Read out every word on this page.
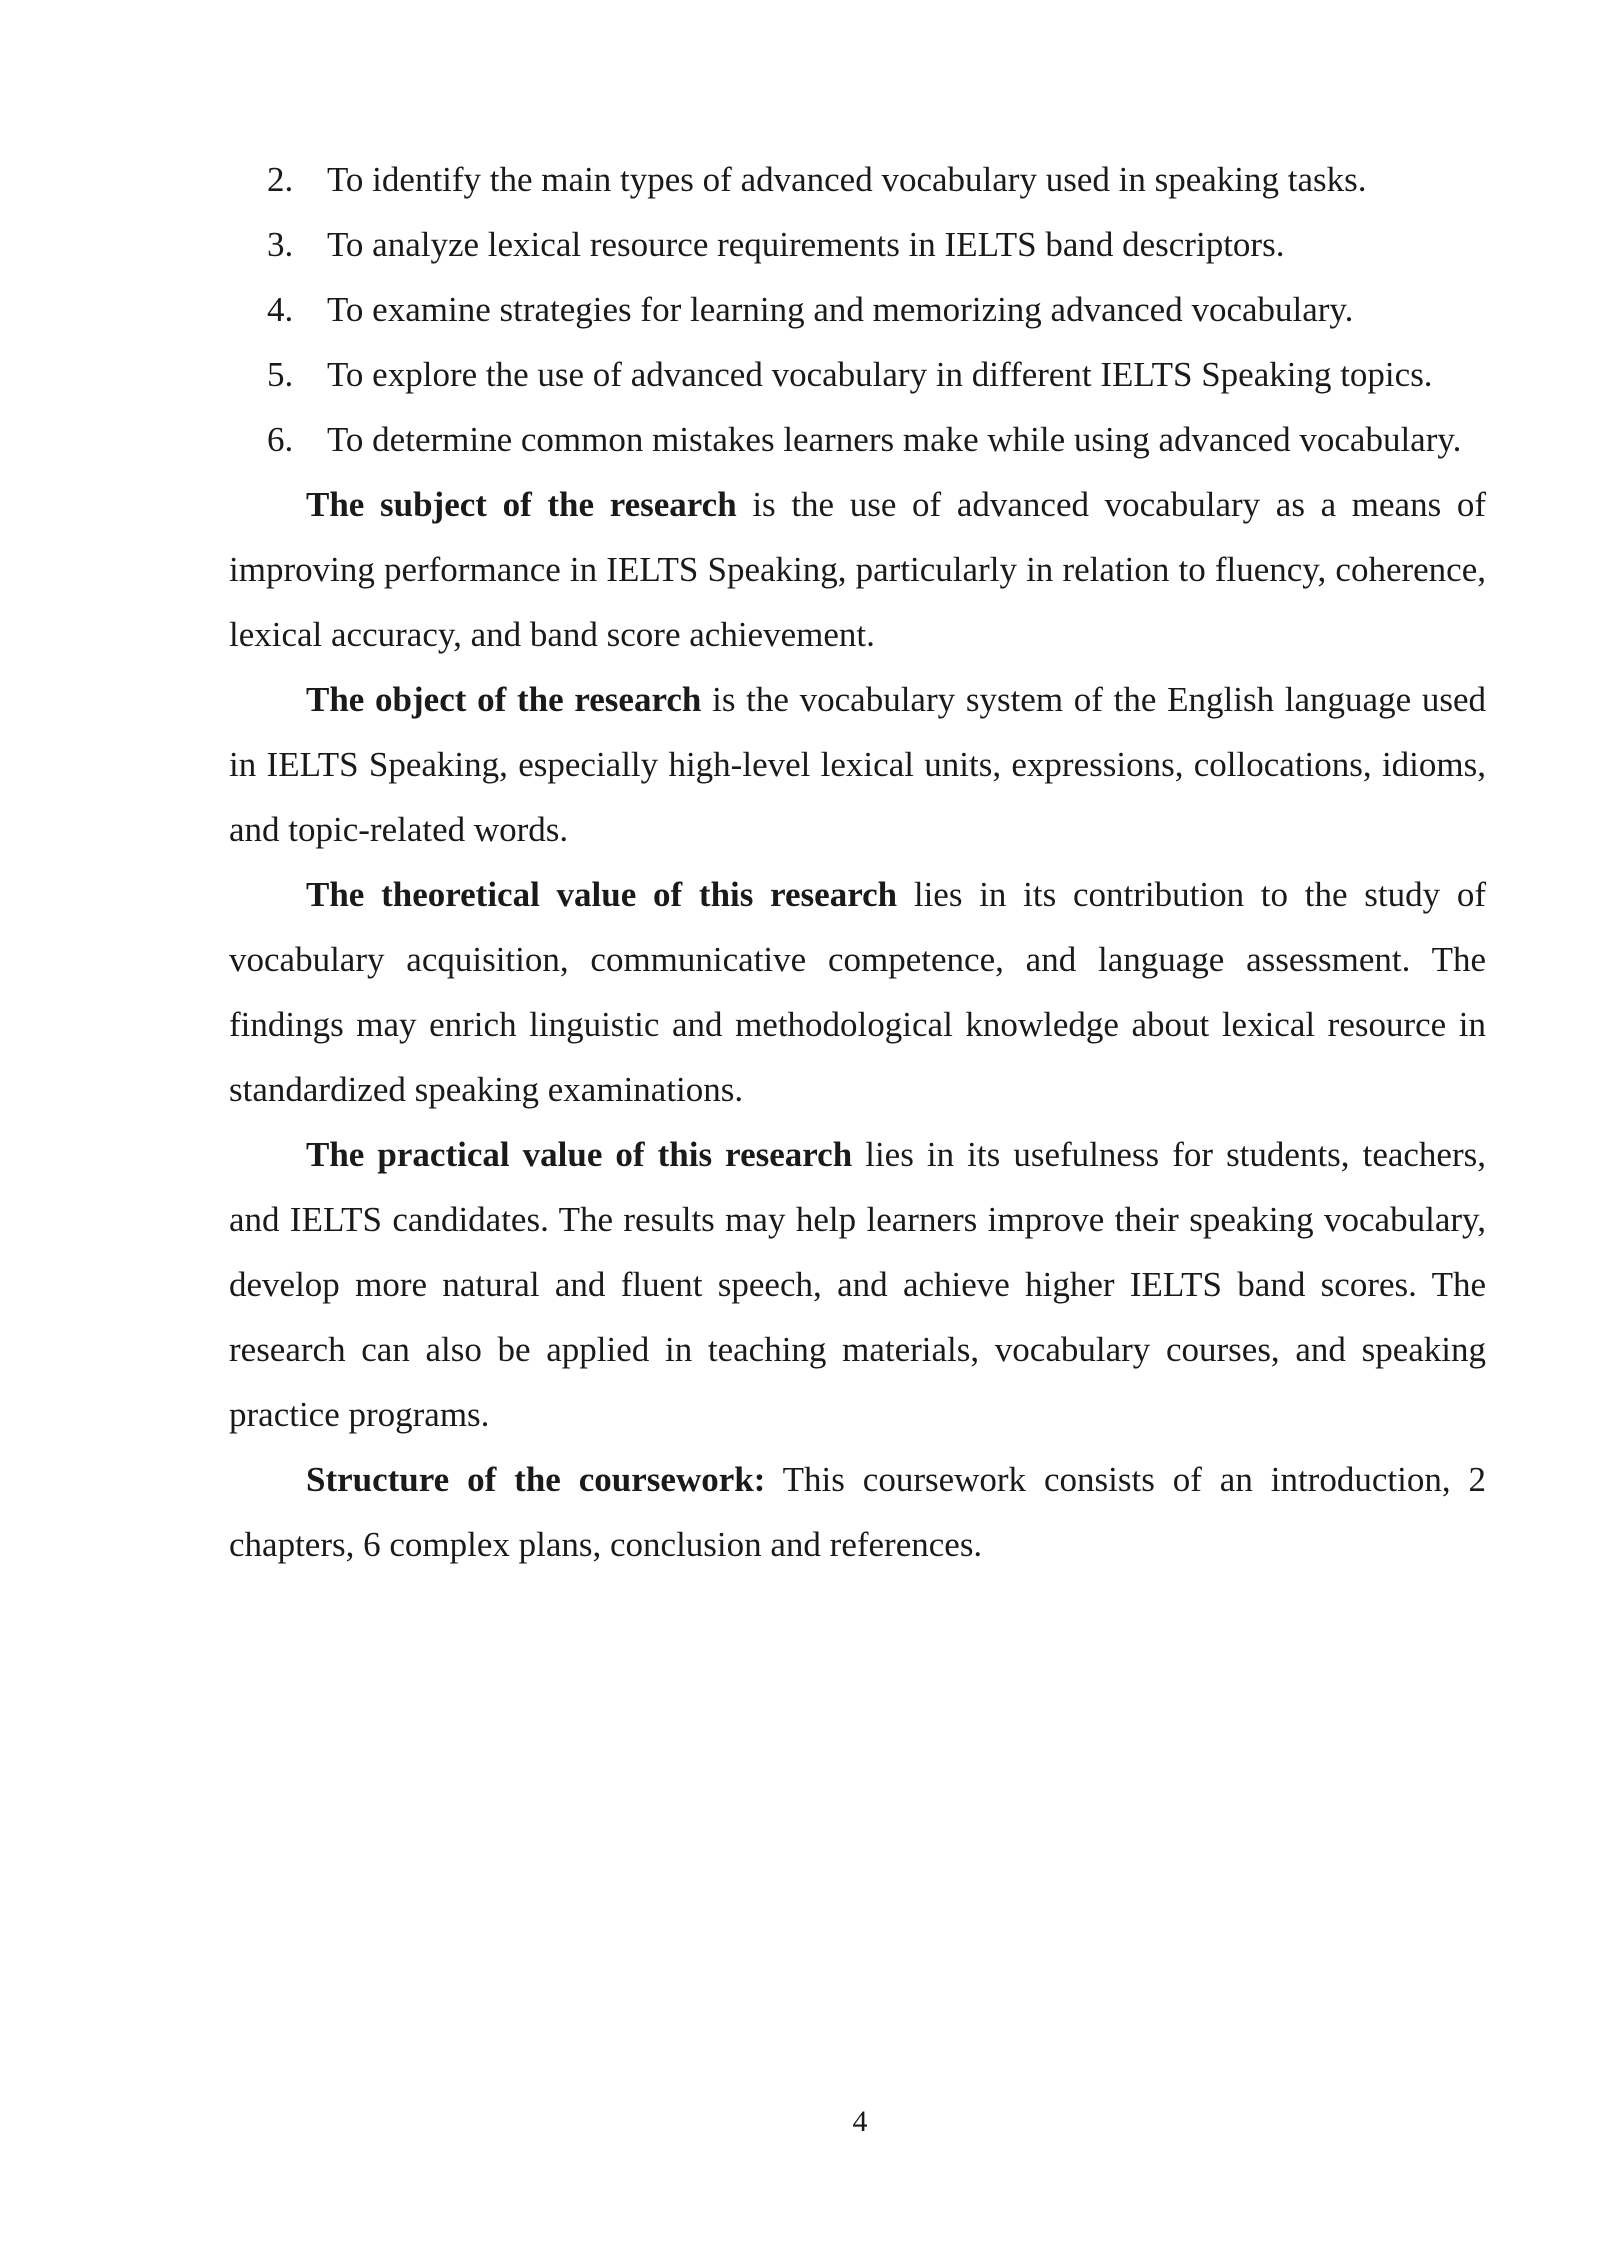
2. To identify the main types of advanced vocabulary used in speaking tasks.

3. To analyze lexical resource requirements in IELTS band descriptors.

4. To examine strategies for learning and memorizing advanced vocabulary.

5. To explore the use of advanced vocabulary in different IELTS Speaking topics.

6. To determine common mistakes learners make while using advanced vocabulary.

The subject of the research is the use of advanced vocabulary as a means of improving performance in IELTS Speaking, particularly in relation to fluency, coherence, lexical accuracy, and band score achievement.

The object of the research is the vocabulary system of the English language used in IELTS Speaking, especially high-level lexical units, expressions, collocations, idioms, and topic-related words.

The theoretical value of this research lies in its contribution to the study of vocabulary acquisition, communicative competence, and language assessment. The findings may enrich linguistic and methodological knowledge about lexical resource in standardized speaking examinations.

The practical value of this research lies in its usefulness for students, teachers, and IELTS candidates. The results may help learners improve their speaking vocabulary, develop more natural and fluent speech, and achieve higher IELTS band scores. The research can also be applied in teaching materials, vocabulary courses, and speaking practice programs.

Structure of the coursework: This coursework consists of an introduction, 2 chapters, 6 complex plans, conclusion and references.

4
